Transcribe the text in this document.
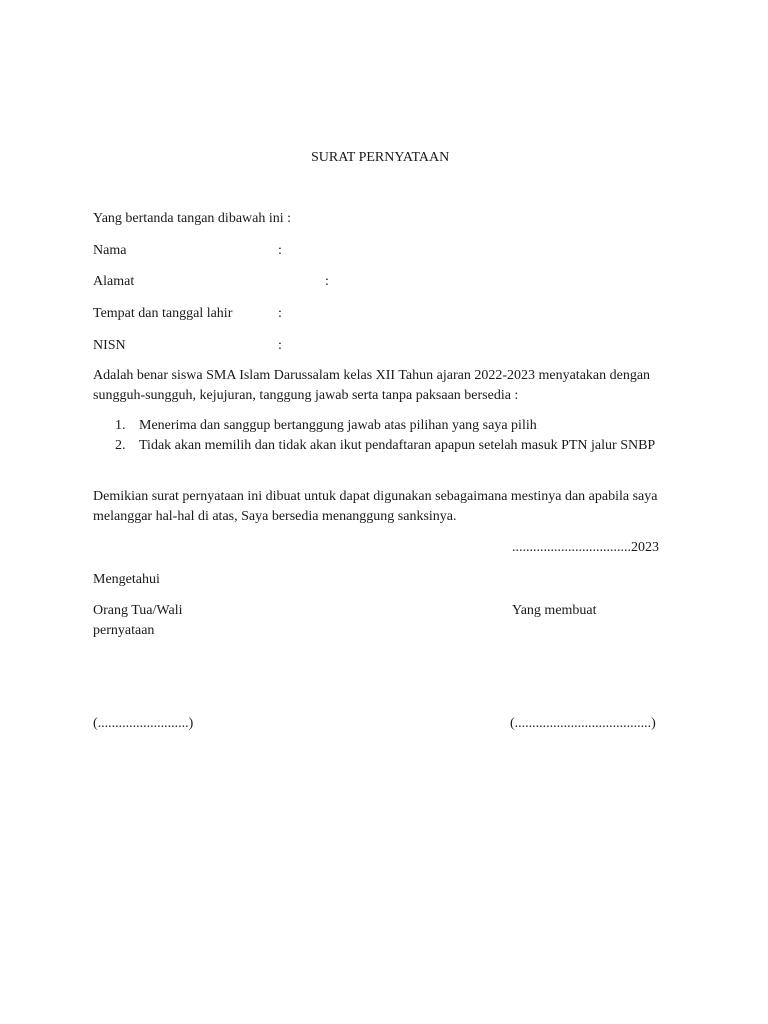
SURAT PERNYATAAN
Yang bertanda tangan dibawah ini :
Nama	:
Alamat	:
Tempat dan tanggal lahir	:
NISN	:
Adalah benar siswa SMA Islam Darussalam kelas XII Tahun ajaran 2022-2023 menyatakan dengan sungguh-sungguh, kejujuran, tanggung jawab serta tanpa paksaan bersedia :
1. Menerima dan sanggup bertanggung jawab atas pilihan yang saya pilih
2. Tidak akan memilih dan tidak akan ikut pendaftaran apapun setelah masuk PTN jalur SNBP
Demikian surat pernyataan ini dibuat untuk dapat digunakan sebagaimana mestinya dan apabila saya melanggar hal-hal di atas, Saya bersedia menanggung sanksinya.
..................................2023
Mengetahui
Orang Tua/Wali	Yang membuat
pernyataan
(..........................)	(.......................................)
